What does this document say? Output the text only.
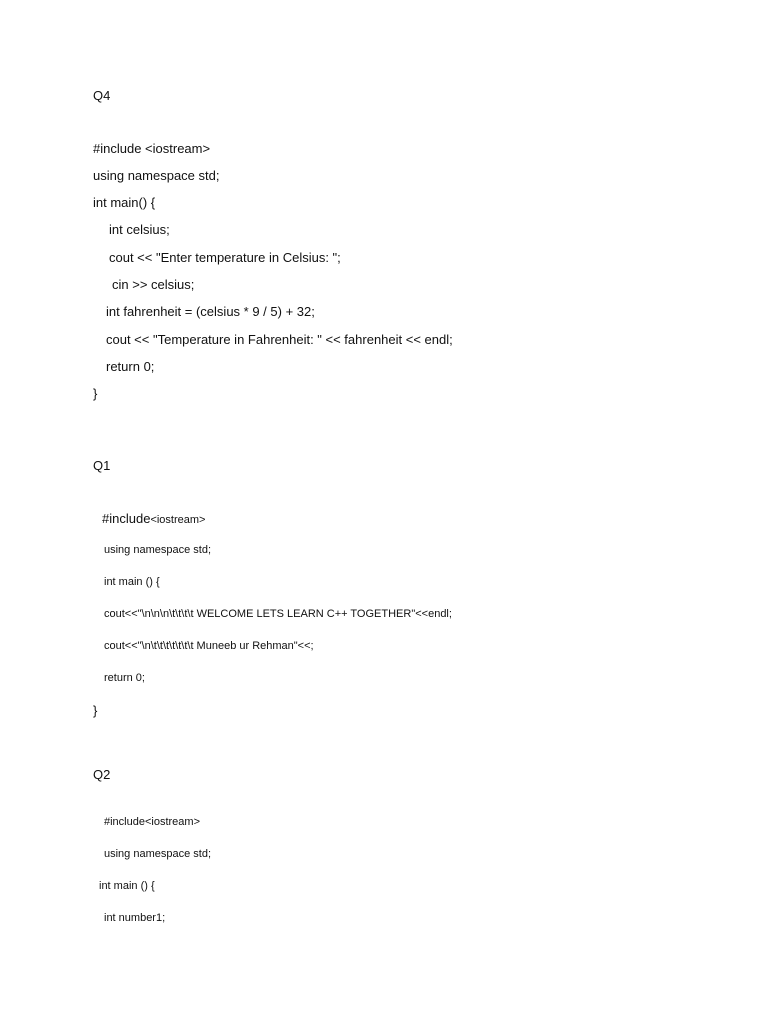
Q4
#include <iostream>
using namespace std;
int main() {
int celsius;
cout << "Enter temperature in Celsius: ";
cin >> celsius;
int fahrenheit = (celsius * 9 / 5) + 32;
cout << "Temperature in Fahrenheit: " << fahrenheit << endl;
return 0;
}
Q1
#include<iostream>
using namespace std;
int main () {
cout<<"\n\n\n\t\t\t\t WELCOME LETS LEARN C++ TOGETHER"<<endl;
cout<<"\n\t\t\t\t\t\t\t Muneeb ur Rehman"<<;
return 0;
}
Q2
#include<iostream>
using namespace std;
int main () {
int number1;
